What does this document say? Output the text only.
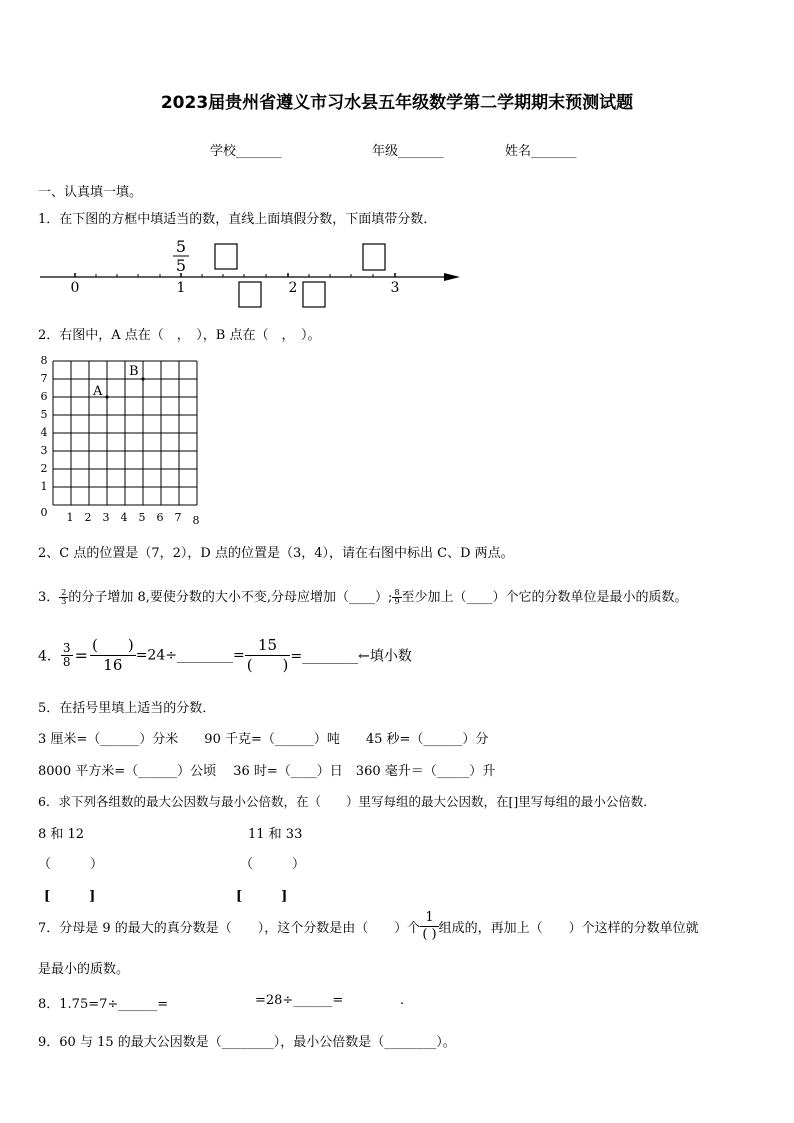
2023届贵州省遵义市习水县五年级数学第二学期期末预测试题
学校_______	年级_______	姓名_______
一、认真填一填。
1．在下图的方框中填适当的数，直线上面填假分数，下面填带分数．
5
5
0	1	2	3
2．右图中，A 点在（　，　），B 点在（　，　）。
8
7
6
5
4
3
2
1
0 1 2 3 4 5 6 7 8
A
B
2、C 点的位置是（7，2），D 点的位置是（3，4），请在右图中标出 C、D 两点。
3． $\frac{2}{3}$ 的分子增加 8,要使分数的大小不变,分母应增加（____）; $\frac{8}{9}$ 至少加上（____）个它的分数单位是最小的质数。
4． $\frac{3}{8} = \frac{( )}{16}$ =24÷________= $\frac{15}{( )}$ =________←填小数
5．在括号里填上适当的分数．
3 厘米=（______）分米　　90 千克=（______）吨　　45 秒=（______）分
8000 平方米=（______）公顷　 36 时=（____）日　360 毫升＝（_____）升
6．求下列各组数的最大公因数与最小公倍数，在（　　）里写每组的最大公因数，在[]里写每组的最小公倍数．
8 和 12	11 和 33
（　　　）	（　　　）
[　　　]	[　　　]
7．分母是 9 的最大的真分数是（　　），这个分数是由（　　）个 $\frac{1}{( )}$ 组成的，再加上（　　）个这样的分数单位就
是最小的质数。
8．1.75=7÷______=	=28÷______=	.
9．60 与 15 的最大公因数是（________），最小公倍数是（________）。
